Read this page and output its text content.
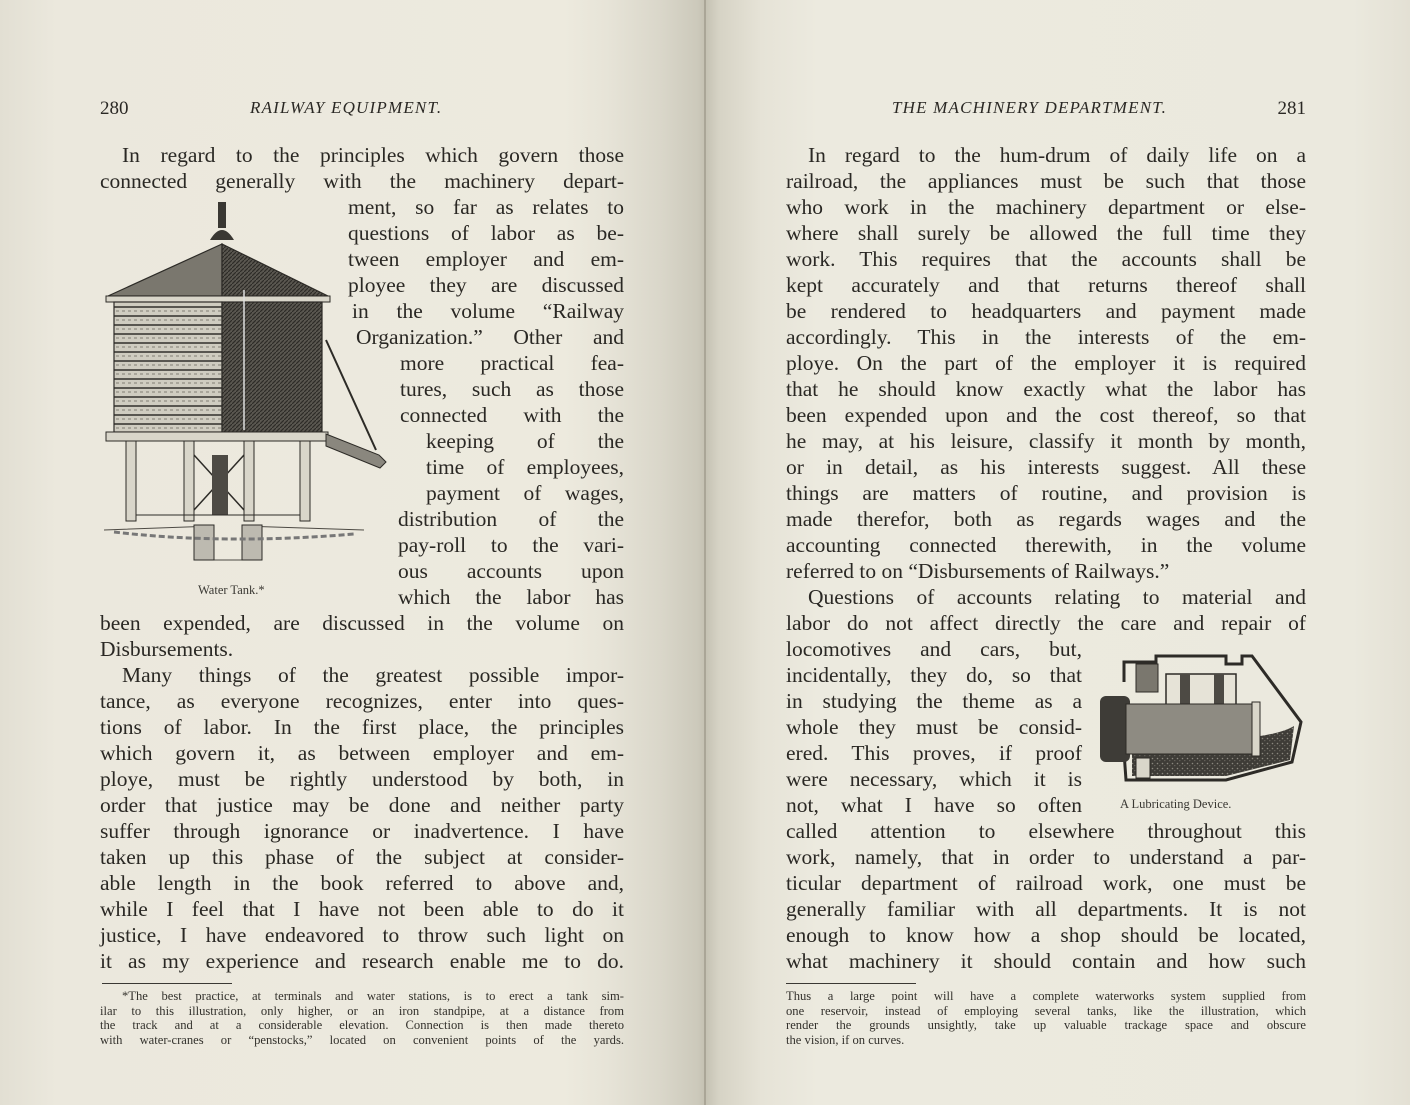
280	RAILWAY EQUIPMENT.
Water Tank.*
In regard to the principles which govern those
connected generally with the machinery depart-
ment, so far as relates to
questions of labor as be-
tween employer and em-
ployee they are discussed
in the volume “Railway
Organization.” Other and
more practical fea-
tures, such as those
connected with the
keeping of the
time of employees,
payment of wages,
distribution of the
pay-roll to the vari-
ous accounts upon
which the labor has
been expended, are discussed in the volume on
Disbursements.
Many things of the greatest possible impor-
tance, as everyone recognizes, enter into ques-
tions of labor. In the first place, the principles
which govern it, as between employer and em-
ploye, must be rightly understood by both, in
order that justice may be done and neither party
suffer through ignorance or inadvertence. I have
taken up this phase of the subject at consider-
able length in the book referred to above and,
while I feel that I have not been able to do it
justice, I have endeavored to throw such light on
it as my experience and research enable me to do.
*The best practice, at terminals and water stations, is to erect a tank sim-
ilar to this illustration, only higher, or an iron standpipe, at a distance from
the track and at a considerable elevation. Connection is then made thereto
with water-cranes or “penstocks,” located on convenient points of the yards.
THE MACHINERY DEPARTMENT.	281
In regard to the hum-drum of daily life on a
railroad, the appliances must be such that those
who work in the machinery department or else-
where shall surely be allowed the full time they
work. This requires that the accounts shall be
kept accurately and that returns thereof shall
be rendered to headquarters and payment made
accordingly. This in the interests of the em-
ploye. On the part of the employer it is required
that he should know exactly what the labor has
been expended upon and the cost thereof, so that
he may, at his leisure, classify it month by month,
or in detail, as his interests suggest. All these
things are matters of routine, and provision is
made therefor, both as regards wages and the
accounting connected therewith, in the volume
referred to on “Disbursements of Railways.”
Questions of accounts relating to material and
labor do not affect directly the care and repair of
locomotives and cars, but,
incidentally, they do, so that
in studying the theme as a
whole they must be consid-
ered. This proves, if proof
were necessary, which it is
not, what I have so often
called attention to elsewhere throughout this
work, namely, that in order to understand a par-
ticular department of railroad work, one must be
generally familiar with all departments. It is not
enough to know how a shop should be located,
what machinery it should contain and how such
A Lubricating Device.
Thus a large point will have a complete waterworks system supplied from
one reservoir, instead of employing several tanks, like the illustration, which
render the grounds unsightly, take up valuable trackage space and obscure
the vision, if on curves.
